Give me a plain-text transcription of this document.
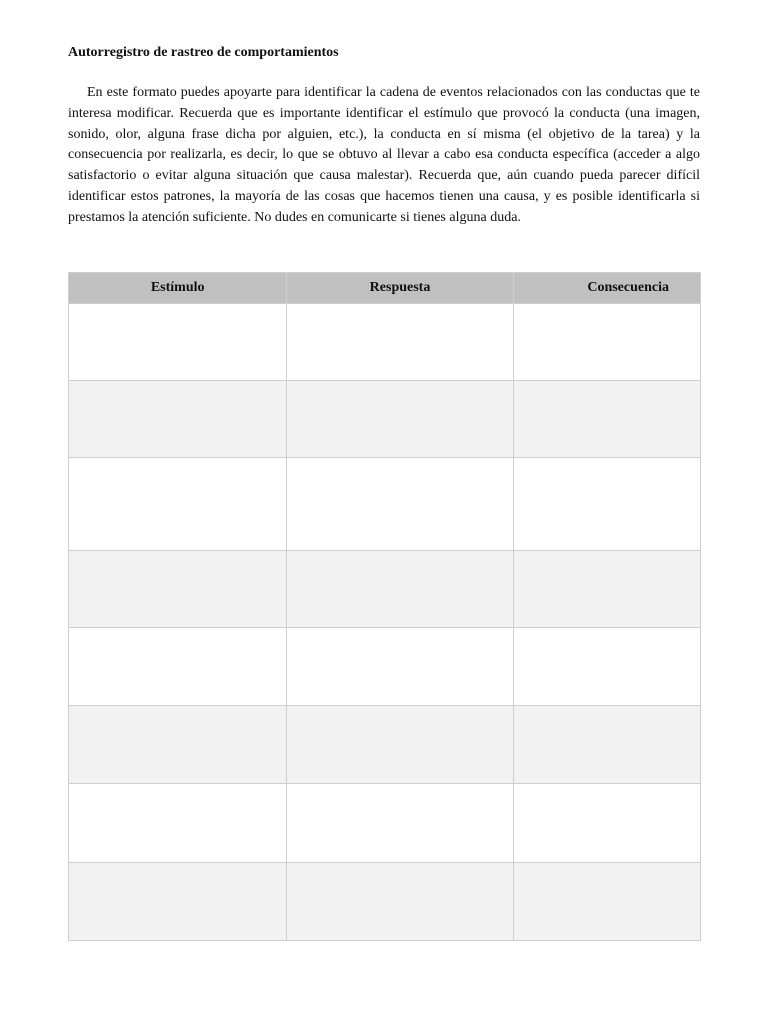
Autorregistro de rastreo de comportamientos

En este formato puedes apoyarte para identificar la cadena de eventos relacionados con las conductas que te interesa modificar. Recuerda que es importante identificar el estímulo que provocó la conducta (una imagen, sonido, olor, alguna frase dicha por alguien, etc.), la conducta en sí misma (el objetivo de la tarea) y la consecuencia por realizarla, es decir, lo que se obtuvo al llevar a cabo esa conducta específica (acceder a algo satisfactorio o evitar alguna situación que causa malestar). Recuerda que, aún cuando pueda parecer difícil identificar estos patrones, la mayoría de las cosas que hacemos tienen una causa, y es posible identificarla si prestamos la atención suficiente. No dudes en comunicarte si tienes alguna duda.

Estímulo	Respuesta	Consecuencia
